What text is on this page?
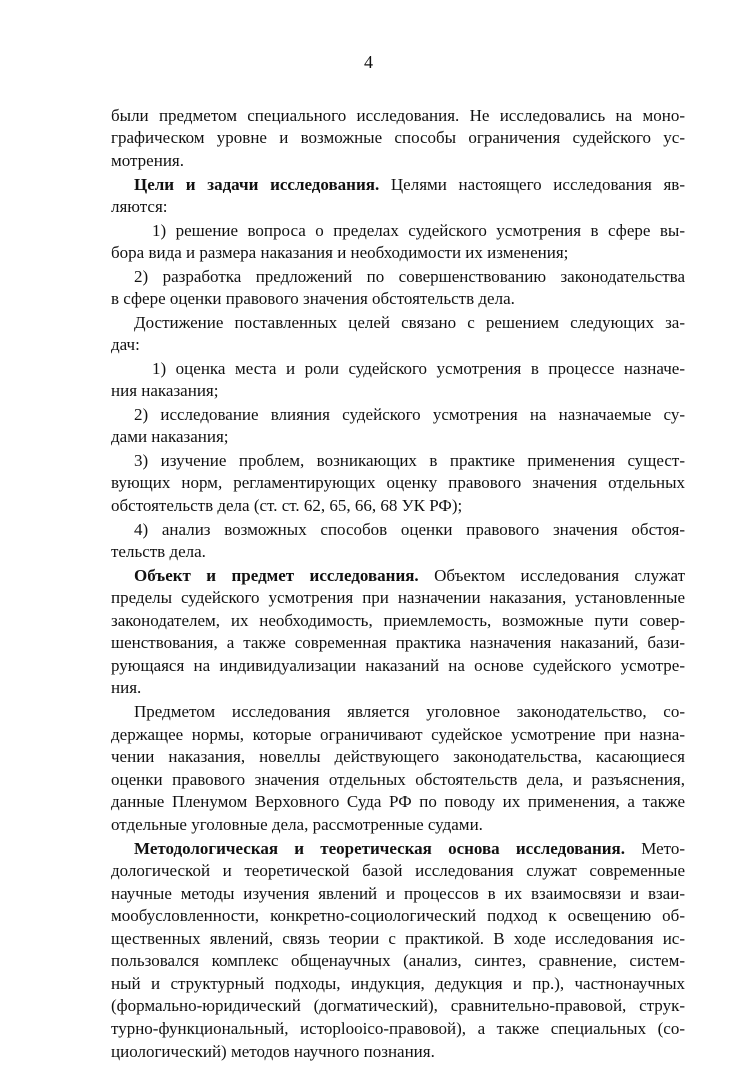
4
были предметом специального исследования. Не исследовались на моно-
графическом уровне и возможные способы ограничения судейского ус-
мотрения.
Цели и задачи исследования. Целями настоящего исследования яв-
ляются:
1) решение вопроса о пределах судейского усмотрения в сфере вы-
бора вида и размера наказания и необходимости их изменения;
2) разработка предложений по совершенствованию законодательства
в сфере оценки правового значения обстоятельств дела.
Достижение поставленных целей связано с решением следующих за-
дач:
1) оценка места и роли судейского усмотрения в процессе назначе-
ния наказания;
2) исследование влияния судейского усмотрения на назначаемые су-
дами наказания;
3) изучение проблем, возникающих в практике применения сущест-
вующих норм, регламентирующих оценку правового значения отдельных
обстоятельств дела (ст. ст. 62, 65, 66, 68 УК РФ);
4) анализ возможных способов оценки правового значения обстоя-
тельств дела.
Объект и предмет исследования. Объектом исследования служат
пределы судейского усмотрения при назначении наказания, установленные
законодателем, их необходимость, приемлемость, возможные пути совер-
шенствования, а также современная практика назначения наказаний, бази-
рующаяся на индивидуализации наказаний на основе судейского усмотре-
ния.
Предметом исследования является уголовное законодательство, со-
держащее нормы, которые ограничивают судейское усмотрение при назна-
чении наказания, новеллы действующего законодательства, касающиеся
оценки правового значения отдельных обстоятельств дела, и разъяснения,
данные Пленумом Верховного Суда РФ по поводу их применения, а также
отдельные уголовные дела, рассмотренные судами.
Методологическая и теоретическая основа исследования. Мето-
дологической и теоретической базой исследования служат современные
научные методы изучения явлений и процессов в их взаимосвязи и взаи-
мообусловленности, конкретно-социологический подход к освещению об-
щественных явлений, связь теории с практикой. В ходе исследования ис-
пользовался комплекс общенаучных (анализ, синтез, сравнение, систем-
ный и структурный подходы, индукция, дедукция и пр.), частнонаучных
(формально-юридический (догматический), сравнительно-правовой, струк-
турно-функциональный, исторlooico-правовой), а также специальных (со-
циологический) методов научного познания.
